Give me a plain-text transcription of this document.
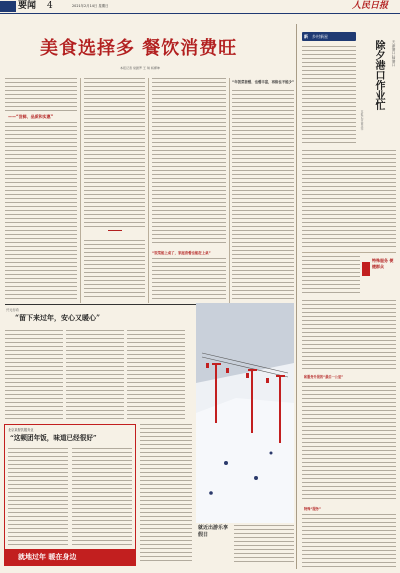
要闻 4	2021年2月14日 星期日	人民日报
美食选择多 餐饮消费旺
本报记者 常碧罗 王 琪 杨柳坤
——“尝鲜、品质和实惠”
“饭菜能上桌了，家庭套餐也能赶上桌”
“年饭菜套餐、也餐丰富，再掐也不能少”
新 乡村新星
除夕港口作业忙	天津港口 陆港口
本报记者 谢庆华
特殊服务 便捷群众
和服务升级的“最后一公里”
特殊“服务”
兴元行动
“留下来过年，安心又暖心”
北京某餐饮服务业
“这顿团年饭，味道已经很好”
就地过年 暖在身边
就近出游乐享假日
